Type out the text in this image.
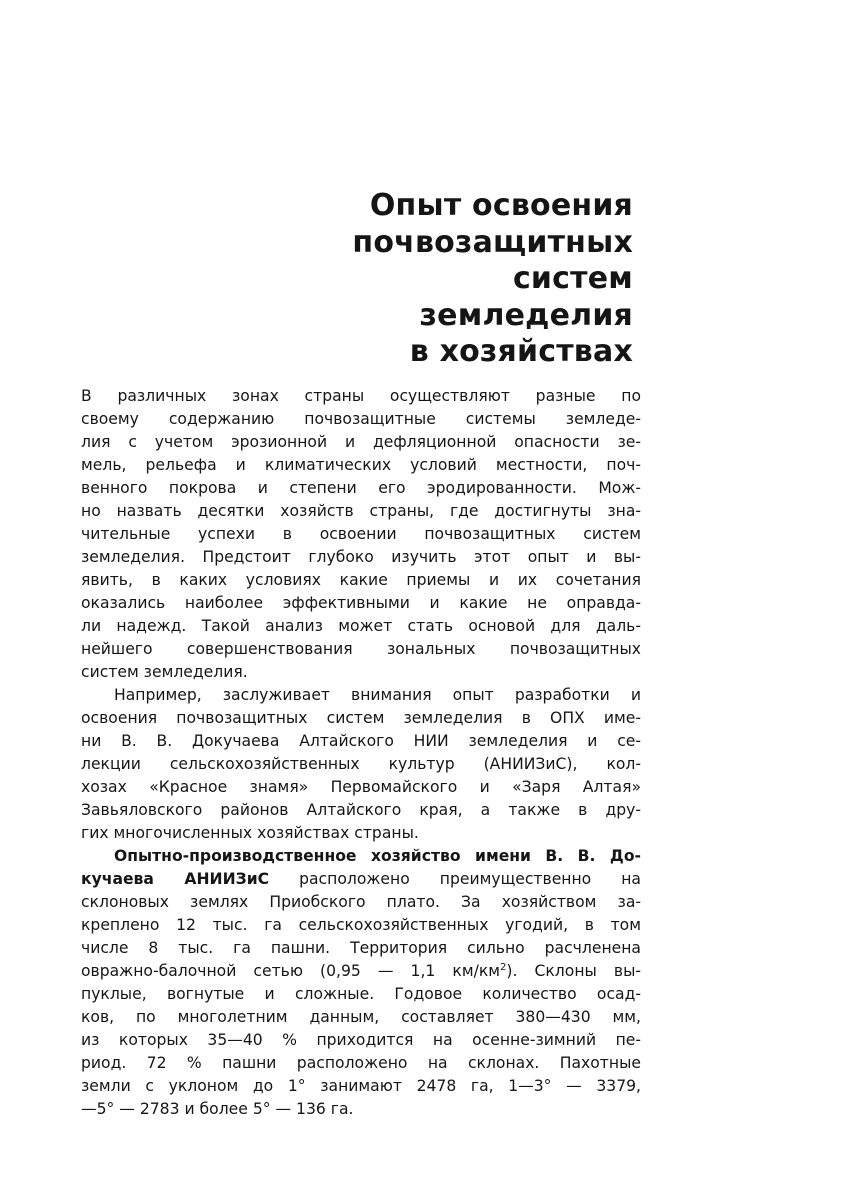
Опыт освоения
почвозащитных
систем
земледелия
в хозяйствах
В различных зонах страны осуществляют разные по
своему содержанию почвозащитные системы земледе-
лия с учетом эрозионной и дефляционной опасности зе-
мель, рельефа и климатических условий местности, поч-
венного покрова и степени его эродированности. Мож-
но назвать десятки хозяйств страны, где достигнуты зна-
чительные успехи в освоении почвозащитных систем
земледелия. Предстоит глубоко изучить этот опыт и вы-
явить, в каких условиях какие приемы и их сочетания
оказались наиболее эффективными и какие не оправда-
ли надежд. Такой анализ может стать основой для даль-
нейшего совершенствования зональных почвозащитных
систем земледелия.
Например, заслуживает внимания опыт разработки и
освоения почвозащитных систем земледелия в ОПХ име-
ни В. В. Докучаева Алтайского НИИ земледелия и се-
лекции сельскохозяйственных культур (АНИИЗиС), кол-
хозах «Красное знамя» Первомайского и «Заря Алтая»
Завьяловского районов Алтайского края, а также в дру-
гих многочисленных хозяйствах страны.
Опытно-производственное хозяйство имени В. В. До-
кучаева АНИИЗиС расположено преимущественно на
склоновых землях Приобского плато. За хозяйством за-
креплено 12 тыс. га сельскохозяйственных угодий, в том
числе 8 тыс. га пашни. Территория сильно расчленена
овражно-балочной сетью (0,95 — 1,1 $км/км^2$). Склоны вы-
пуклые, вогнутые и сложные. Годовое количество осад-
ков, по многолетним данным, составляет 380—430 мм,
из которых 35—40 % приходится на осенне-зимний пе-
риод. 72 % пашни расположено на склонах. Пахотные
земли с уклоном до 1° занимают 2478 га, 1—3° — 3379,
—5° — 2783 и более 5° — 136 га.
